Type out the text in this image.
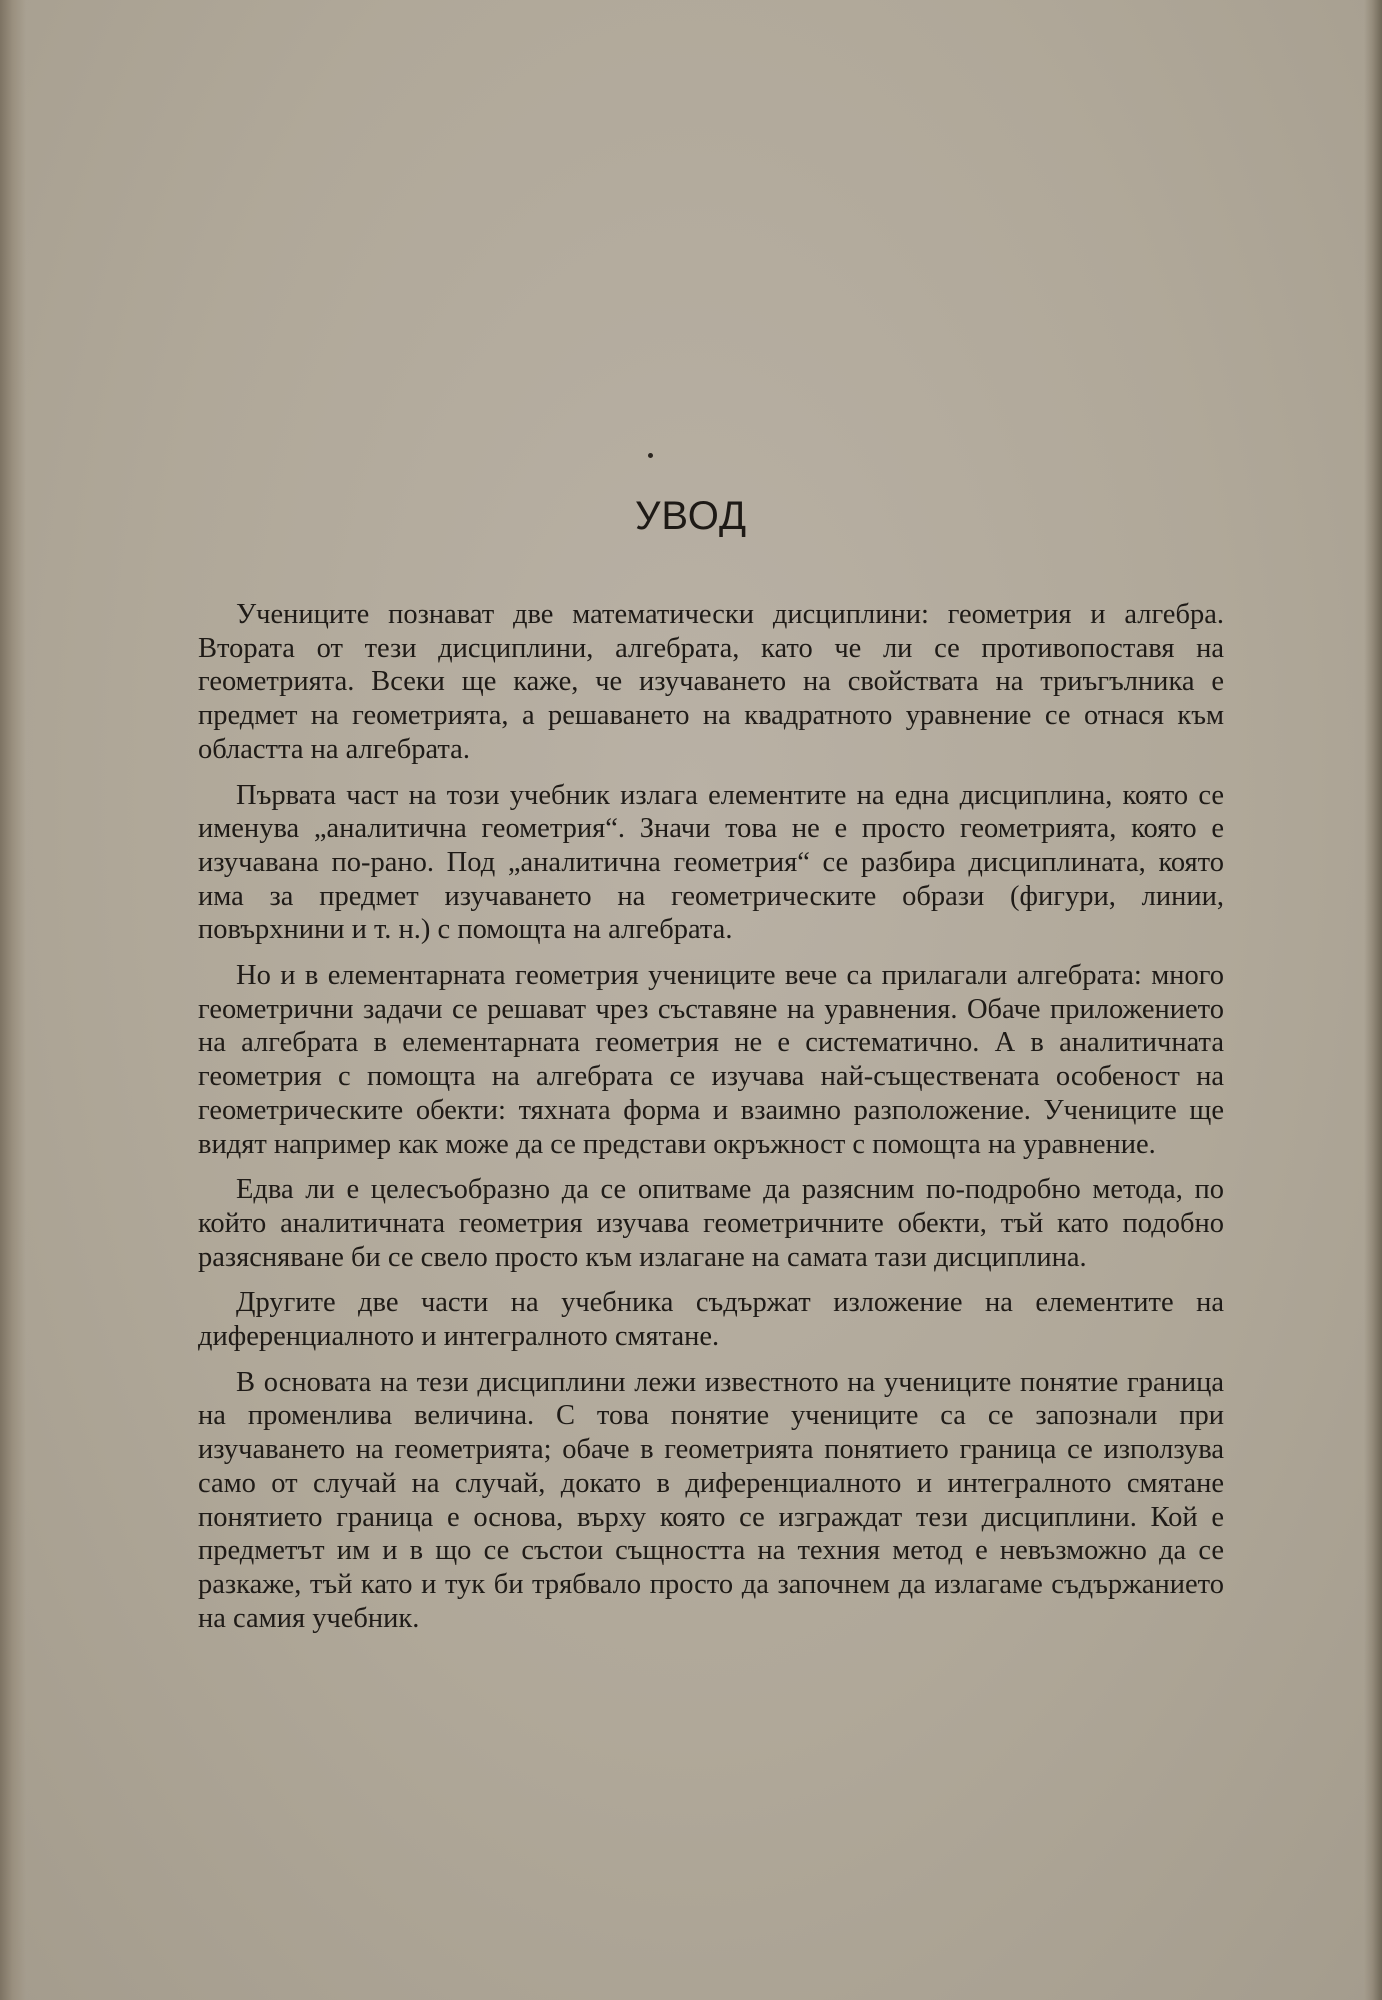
УВОД

Учениците познават две математически дисциплини: геометрия и алгебра. Втората от тези дисциплини, алгебрата, като че ли се противопоставя на геометрията. Всеки ще каже, че изучаването на свойствата на триъгълника е предмет на геометрията, а решаването на квадратното уравнение се отнася към областта на алгебрата.

Първата част на този учебник излага елементите на една дисциплина, която се именува „аналитична геометрия“. Значи това не е просто геометрията, която е изучавана по-рано. Под „аналитична геометрия“ се разбира дисциплината, която има за предмет изучаването на геометрическите образи (фигури, линии, повърхнини и т. н.) с помощта на алгебрата.

Но и в елементарната геометрия учениците вече са прилагали алгебрата: много геометрични задачи се решават чрез съставяне на уравнения. Обаче приложението на алгебрата в елементарната геометрия не е систематично. А в аналитичната геометрия с помощта на алгебрата се изучава най-съществената особеност на геометрическите обекти: тяхната форма и взаимно разположение. Учениците ще видят например как може да се представи окръжност с помощта на уравнение.

Едва ли е целесъобразно да се опитваме да разясним по-подробно метода, по който аналитичната геометрия изучава геометричните обекти, тъй като подобно разясняване би се свело просто към излагане на самата тази дисциплина.

Другите две части на учебника съдържат изложение на елементите на диференциалното и интегралното смятане.

В основата на тези дисциплини лежи известното на учениците понятие граница на променлива величина. С това понятие учениците са се запознали при изучаването на геометрията; обаче в геометрията понятието граница се използува само от случай на случай, докато в диференциалното и интегралното смятане понятието граница е основа, върху която се изграждат тези дисциплини. Кой е предметът им и в що се състои същността на техния метод е невъзможно да се разкаже, тъй като и тук би трябвало просто да започнем да излагаме съдържанието на самия учебник.
